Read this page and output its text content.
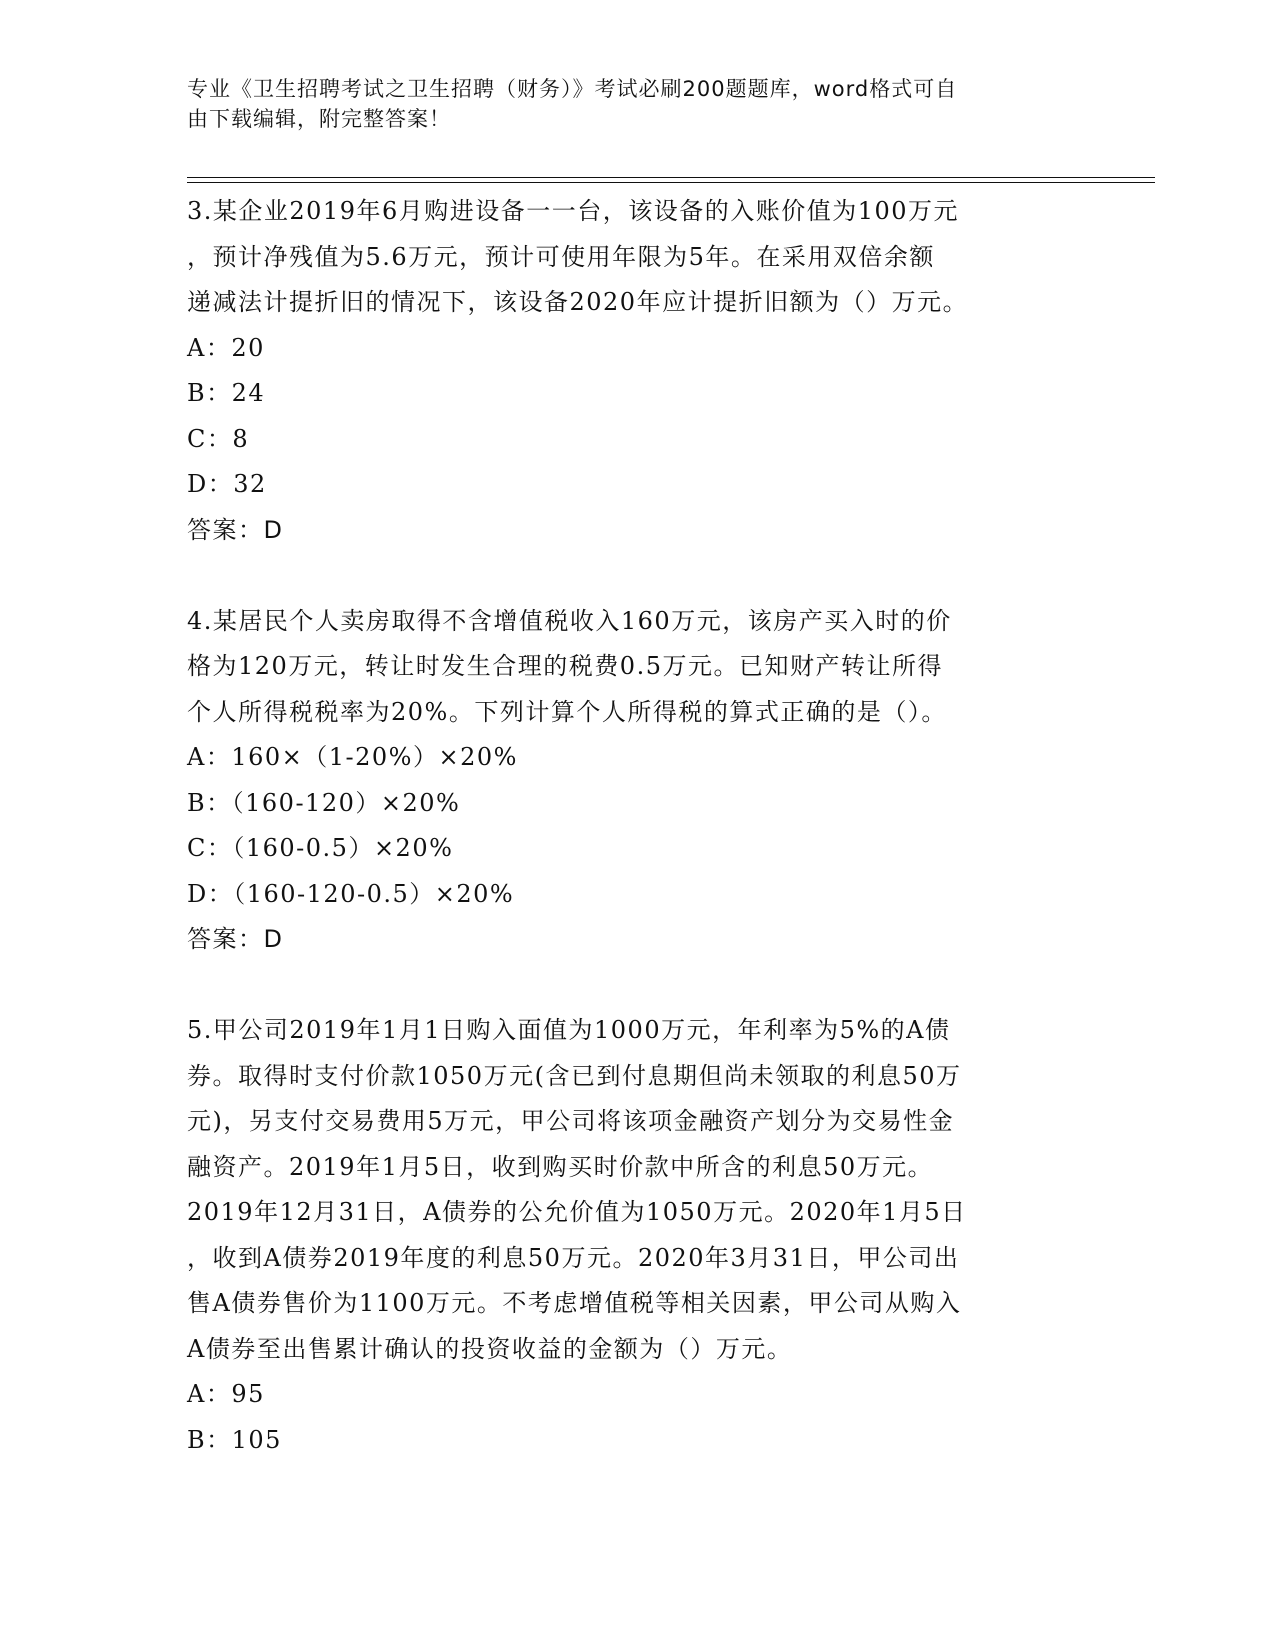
专业《卫生招聘考试之卫生招聘（财务）》考试必刷200题题库，word格式可自
由下载编辑，附完整答案！
3.某企业2019年6月购进设备一一台，该设备的入账价值为100万元
，预计净残值为5.6万元，预计可使用年限为5年。在采用双倍余额
递减法计提折旧的情况下，该设备2020年应计提折旧额为（）万元。
A：20
B：24
C：8
D：32
答案：D
4.某居民个人卖房取得不含增值税收入160万元，该房产买入时的价
格为120万元，转让时发生合理的税费0.5万元。已知财产转让所得
个人所得税税率为20%。下列计算个人所得税的算式正确的是（）。
A：160×（1-20%）×20%
B：（160-120）×20%
C：（160-0.5）×20%
D：（160-120-0.5）×20%
答案：D
5.甲公司2019年1月1日购入面值为1000万元，年利率为5%的A债
券。取得时支付价款1050万元(含已到付息期但尚未领取的利息50万
元)，另支付交易费用5万元，甲公司将该项金融资产划分为交易性金
融资产。2019年1月5日，收到购买时价款中所含的利息50万元。
2019年12月31日，A债券的公允价值为1050万元。2020年1月5日
，收到A债券2019年度的利息50万元。2020年3月31日，甲公司出
售A债券售价为1100万元。不考虑增值税等相关因素，甲公司从购入
A债券至出售累计确认的投资收益的金额为（）万元。
A：95
B：105
